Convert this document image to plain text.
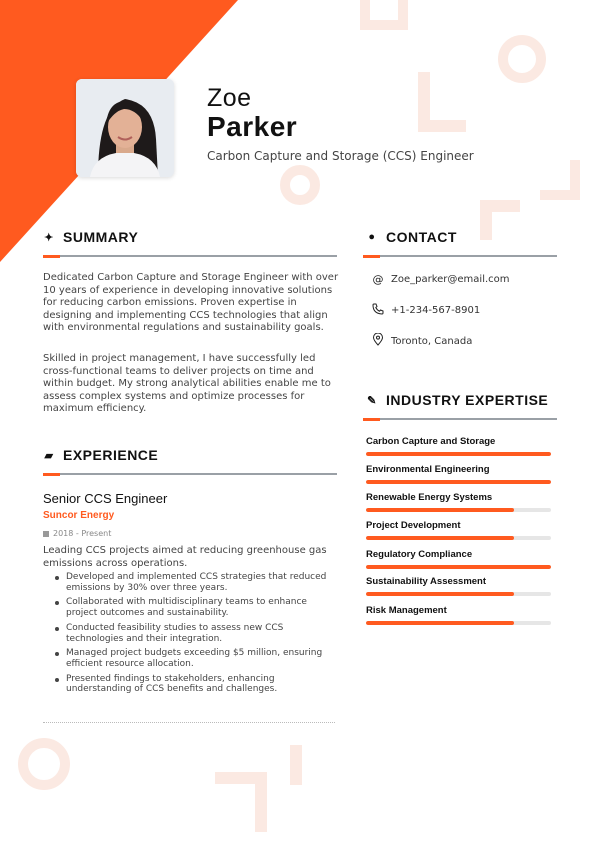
Zoe
Parker
Carbon Capture and Storage (CCS) Engineer
✦ SUMMARY
Dedicated Carbon Capture and Storage Engineer with over 10 years of experience in developing innovative solutions for reducing carbon emissions. Proven expertise in designing and implementing CCS technologies that align with environmental regulations and sustainability goals.
Skilled in project management, I have successfully led cross-functional teams to deliver projects on time and within budget. My strong analytical abilities enable me to assess complex systems and optimize processes for maximum efficiency.
▰ EXPERIENCE
Senior CCS Engineer
Suncor Energy
2018 - Present
Leading CCS projects aimed at reducing greenhouse gas emissions across operations.
Developed and implemented CCS strategies that reduced emissions by 30% over three years.
Collaborated with multidisciplinary teams to enhance project outcomes and sustainability.
Conducted feasibility studies to assess new CCS technologies and their integration.
Managed project budgets exceeding $5 million, ensuring efficient resource allocation.
Presented findings to stakeholders, enhancing understanding of CCS benefits and challenges.
● CONTACT
@ Zoe_parker@email.com
+1-234-567-8901
Toronto, Canada
✎ INDUSTRY EXPERTISE
Carbon Capture and Storage
Environmental Engineering
Renewable Energy Systems
Project Development
Regulatory Compliance
Sustainability Assessment
Risk Management
